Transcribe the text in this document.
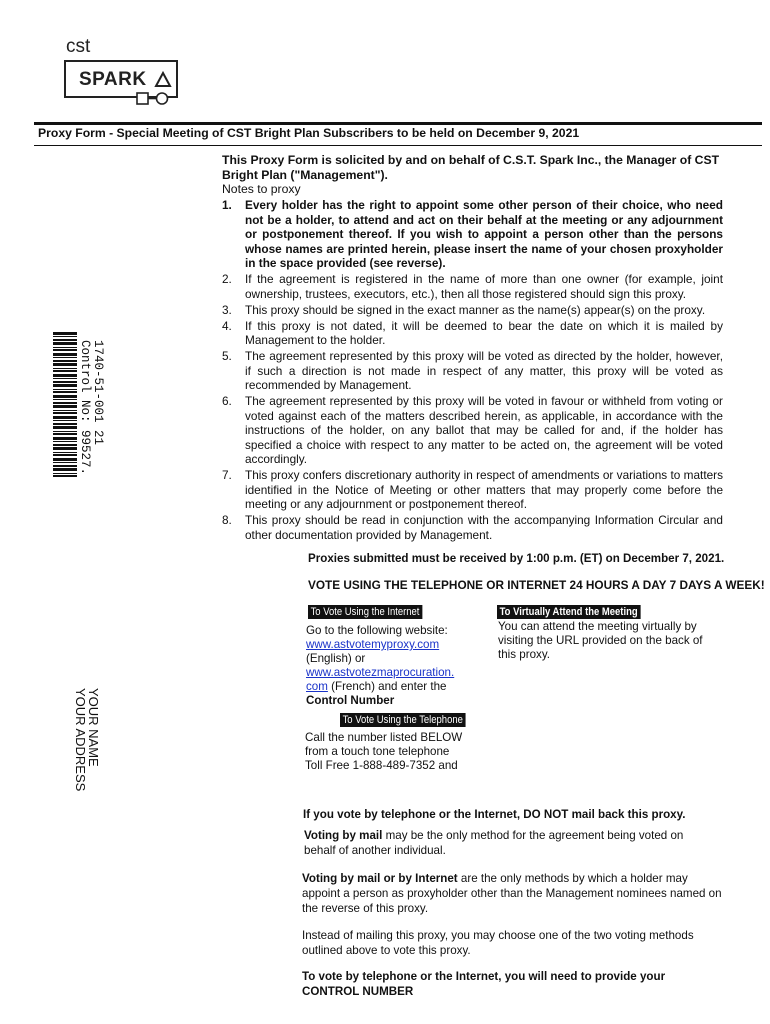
cst
SPARK
Proxy Form - Special Meeting of CST Bright Plan Subscribers to be held on December 9, 2021
This Proxy Form is solicited by and on behalf of C.S.T. Spark Inc., the Manager of CST Bright Plan ("Management").
Notes to proxy
1. Every holder has the right to appoint some other person of their choice, who need not be a holder, to attend and act on their behalf at the meeting or any adjournment or postponement thereof. If you wish to appoint a person other than the persons whose names are printed herein, please insert the name of your chosen proxyholder in the space provided (see reverse).
2. If the agreement is registered in the name of more than one owner (for example, joint ownership, trustees, executors, etc.), then all those registered should sign this proxy.
3. This proxy should be signed in the exact manner as the name(s) appear(s) on the proxy.
4. If this proxy is not dated, it will be deemed to bear the date on which it is mailed by Management to the holder.
5. The agreement represented by this proxy will be voted as directed by the holder, however, if such a direction is not made in respect of any matter, this proxy will be voted as recommended by Management.
6. The agreement represented by this proxy will be voted in favour or withheld from voting or voted against each of the matters described herein, as applicable, in accordance with the instructions of the holder, on any ballot that may be called for and, if the holder has specified a choice with respect to any matter to be acted on, the agreement will be voted accordingly.
7. This proxy confers discretionary authority in respect of amendments or variations to matters identified in the Notice of Meeting or other matters that may properly come before the meeting or any adjournment or postponement thereof.
8. This proxy should be read in conjunction with the accompanying Information Circular and other documentation provided by Management.
1740-51-001 21
Control No: 99527.
YOUR NAME
YOUR ADDRESS
Proxies submitted must be received by 1:00 p.m. (ET) on December 7, 2021.
VOTE USING THE TELEPHONE OR INTERNET 24 HOURS A DAY 7 DAYS A WEEK!
To Vote Using the Internet
Go to the following website:
www.astvotemyproxy.com
(English) or
www.astvotezmaprocuration.
com (French) and enter the
Control Number
To Virtually Attend the Meeting
You can attend the meeting virtually by visiting the URL provided on the back of this proxy.
To Vote Using the Telephone
Call the number listed BELOW from a touch tone telephone
Toll Free 1-888-489-7352 and
If you vote by telephone or the Internet, DO NOT mail back this proxy.
Voting by mail may be the only method for the agreement being voted on behalf of another individual.
Voting by mail or by Internet are the only methods by which a holder may appoint a person as proxyholder other than the Management nominees named on the reverse of this proxy.
Instead of mailing this proxy, you may choose one of the two voting methods outlined above to vote this proxy.
To vote by telephone or the Internet, you will need to provide your CONTROL NUMBER
